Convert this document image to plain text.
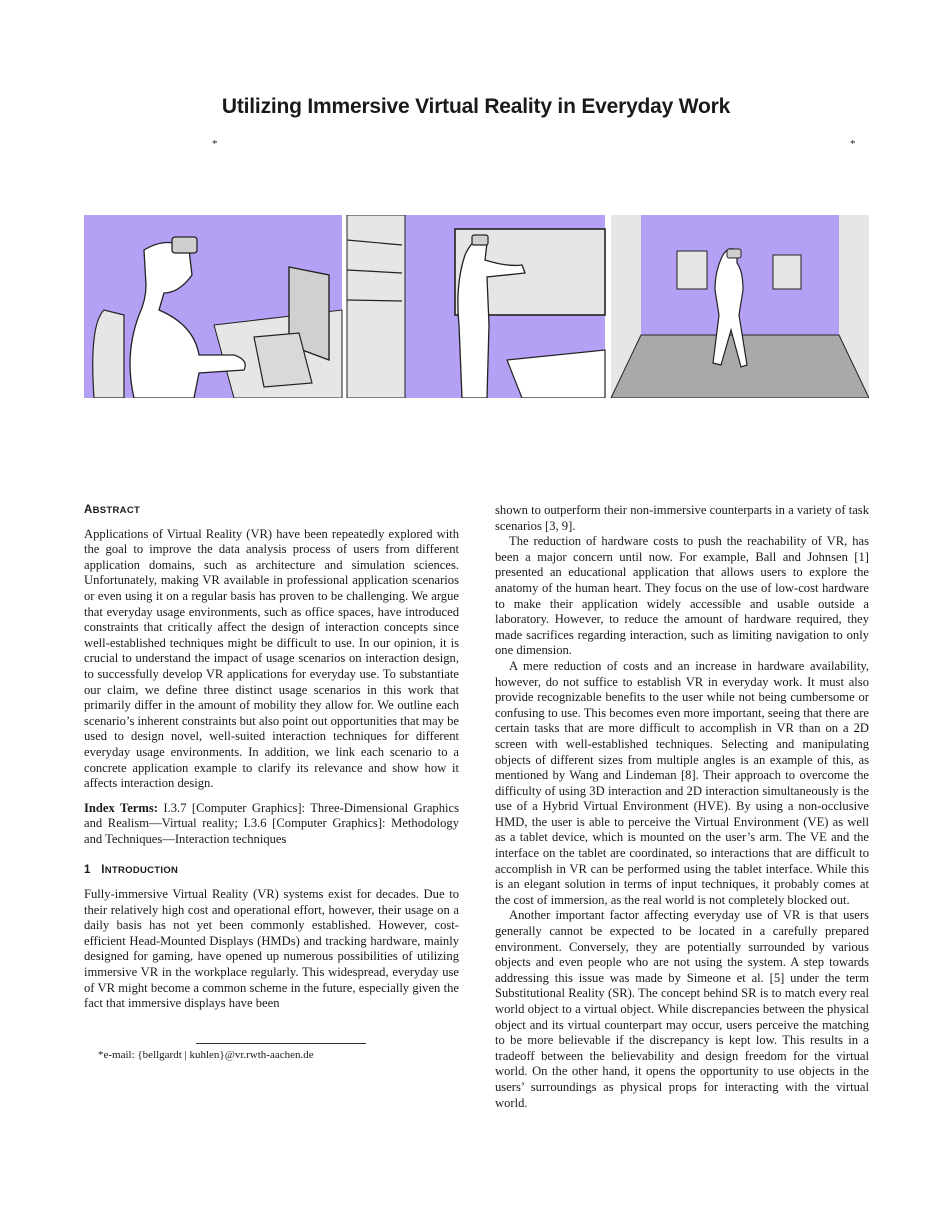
Utilizing Immersive Virtual Reality in Everyday Work
*	*
ABSTRACT

Applications of Virtual Reality (VR) have been repeatedly explored with the goal to improve the data analysis process of users from different application domains, such as architecture and simulation sciences. Unfortunately, making VR available in professional application scenarios or even using it on a regular basis has proven to be challenging. We argue that everyday usage environments, such as office spaces, have introduced constraints that critically affect the design of interaction concepts since well-established techniques might be difficult to use. In our opinion, it is crucial to understand the impact of usage scenarios on interaction design, to successfully develop VR applications for everyday use. To substantiate our claim, we define three distinct usage scenarios in this work that primarily differ in the amount of mobility they allow for. We outline each scenario’s inherent constraints but also point out opportunities that may be used to design novel, well-suited interaction techniques for different everyday usage environments. In addition, we link each scenario to a concrete application example to clarify its relevance and show how it affects interaction design.

Index Terms: I.3.7 [Computer Graphics]: Three-Dimensional Graphics and Realism—Virtual reality; I.3.6 [Computer Graphics]: Methodology and Techniques—Interaction techniques

1 INTRODUCTION

Fully-immersive Virtual Reality (VR) systems exist for decades. Due to their relatively high cost and operational effort, however, their usage on a daily basis has not yet been commonly established. However, cost-efficient Head-Mounted Displays (HMDs) and tracking hardware, mainly designed for gaming, have opened up numerous possibilities of utilizing immersive VR in the workplace regularly. This widespread, everyday use of VR might become a common scheme in the future, especially given the fact that immersive displays have been

*e-mail: {bellgardt | kuhlen}@vr.rwth-aachen.de

shown to outperform their non-immersive counterparts in a variety of task scenarios [3, 9].

The reduction of hardware costs to push the reachability of VR, has been a major concern until now. For example, Ball and Johnsen [1] presented an educational application that allows users to explore the anatomy of the human heart. They focus on the use of low-cost hardware to make their application widely accessible and usable outside a laboratory. However, to reduce the amount of hardware required, they made sacrifices regarding interaction, such as limiting navigation to only one dimension.

A mere reduction of costs and an increase in hardware availability, however, do not suffice to establish VR in everyday work. It must also provide recognizable benefits to the user while not being cumbersome or confusing to use. This becomes even more important, seeing that there are certain tasks that are more difficult to accomplish in VR than on a 2D screen with well-established techniques. Selecting and manipulating objects of different sizes from multiple angles is an example of this, as mentioned by Wang and Lindeman [8]. Their approach to overcome the difficulty of using 3D interaction and 2D interaction simultaneously is the use of a Hybrid Virtual Environment (HVE). By using a non-occlusive HMD, the user is able to perceive the Virtual Environment (VE) as well as a tablet device, which is mounted on the user’s arm. The VE and the interface on the tablet are coordinated, so interactions that are difficult to accomplish in VR can be performed using the tablet interface. While this is an elegant solution in terms of input techniques, it probably comes at the cost of immersion, as the real world is not completely blocked out.

Another important factor affecting everyday use of VR is that users generally cannot be expected to be located in a carefully prepared environment. Conversely, they are potentially surrounded by various objects and even people who are not using the system. A step towards addressing this issue was made by Simeone et al. [5] under the term Substitutional Reality (SR). The concept behind SR is to match every real world object to a virtual object. While discrepancies between the physical object and its virtual counterpart may occur, users perceive the matching to be more believable if the discrepancy is kept low. This results in a tradeoff between the believability and design freedom for the virtual world. On the other hand, it opens the opportunity to use objects in the users’ surroundings as physical props for interacting with the virtual world.
